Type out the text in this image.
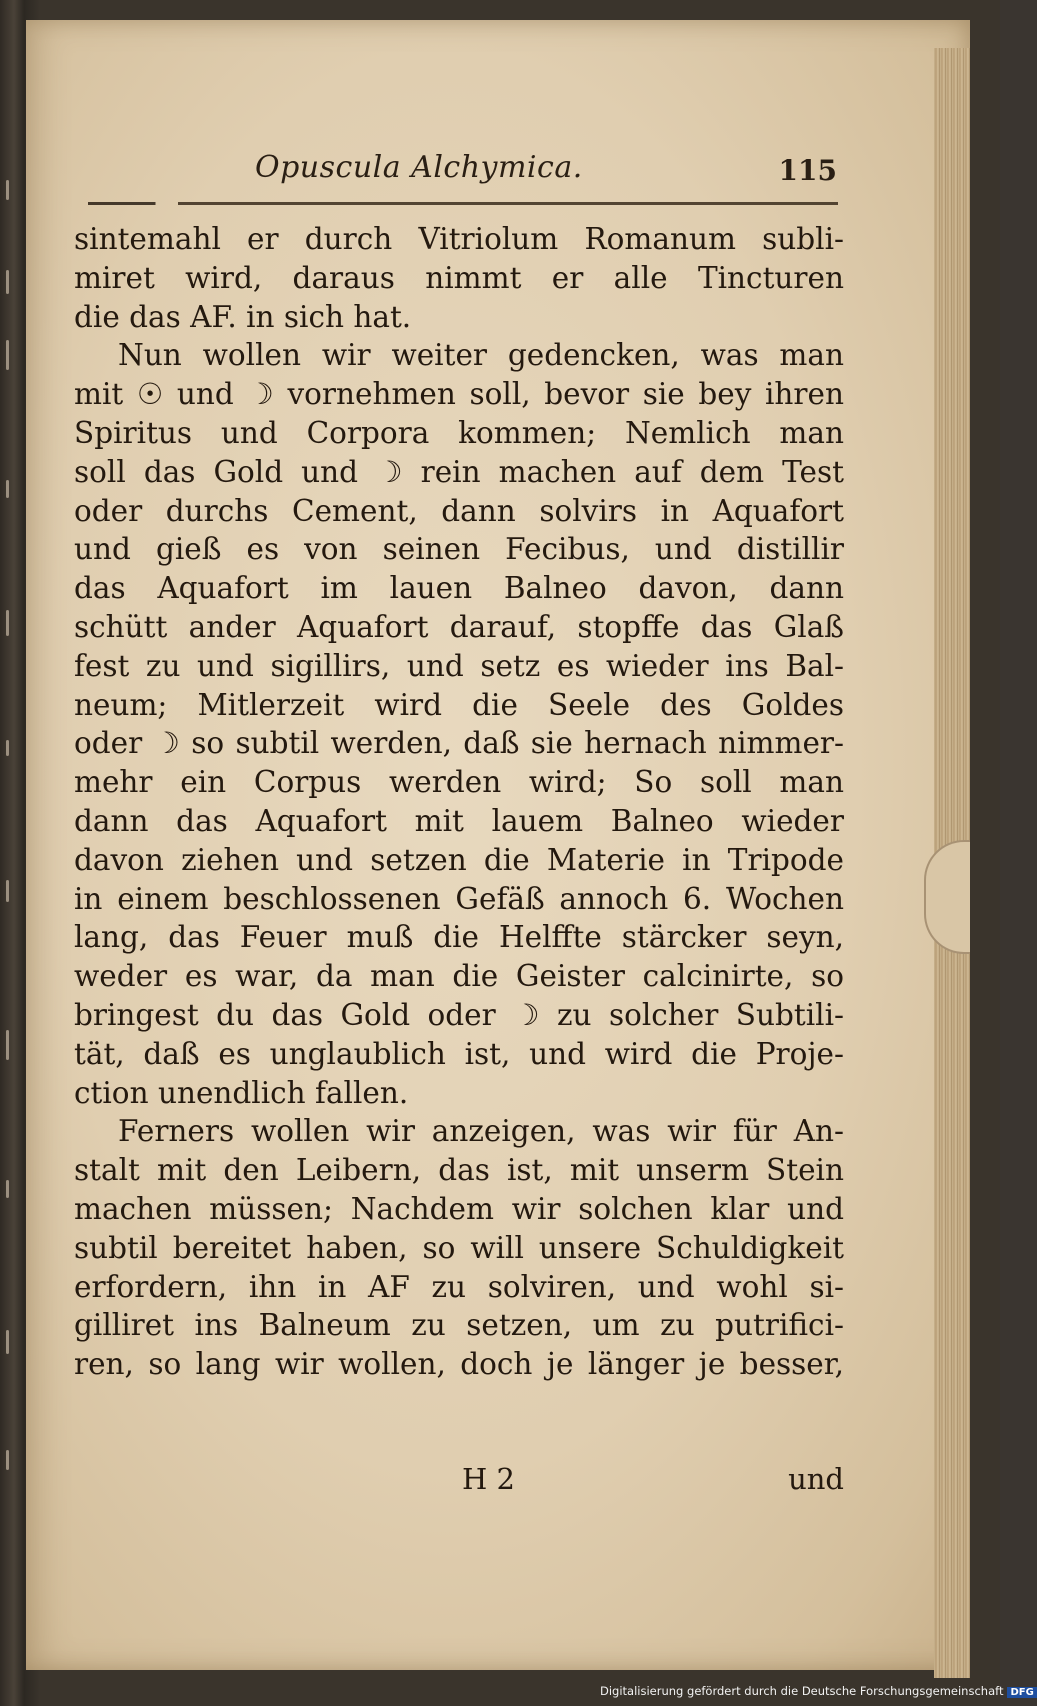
Opuscula Alchymica.	115
sintemahl er durch Vitriolum Romanum subli-
miret wird, daraus nimmt er alle Tincturen
die das AF. in sich hat.
Nun wollen wir weiter gedencken, was man
mit ☉ und ☽ vornehmen soll, bevor sie bey ihren
Spiritus und Corpora kommen; Nemlich man
soll das Gold und ☽ rein machen auf dem Test
oder durchs Cement, dann solvirs in Aquafort
und gieß es von seinen Fecibus, und distillir
das Aquafort im lauen Balneo davon, dann
schütt ander Aquafort darauf, stopffe das Glaß
fest zu und sigillirs, und setz es wieder ins Bal-
neum; Mitlerzeit wird die Seele des Goldes
oder ☽ so subtil werden, daß sie hernach nimmer-
mehr ein Corpus werden wird; So soll man
dann das Aquafort mit lauem Balneo wieder
davon ziehen und setzen die Materie in Tripode
in einem beschlossenen Gefäß annoch 6. Wochen
lang, das Feuer muß die Helffte stärcker seyn,
weder es war, da man die Geister calcinirte, so
bringest du das Gold oder ☽ zu solcher Subtili-
tät, daß es unglaublich ist, und wird die Proje-
ction unendlich fallen.
Ferners wollen wir anzeigen, was wir für An-
stalt mit den Leibern, das ist, mit unserm Stein
machen müssen; Nachdem wir solchen klar und
subtil bereitet haben, so will unsere Schuldigkeit
erfordern, ihn in AF zu solviren, und wohl si-
gilliret ins Balneum zu setzen, um zu putrifici-
ren, so lang wir wollen, doch je länger je besser,
H 2	und
Digitalisierung gefördert durch die Deutsche Forschungsgemeinschaft DFG
